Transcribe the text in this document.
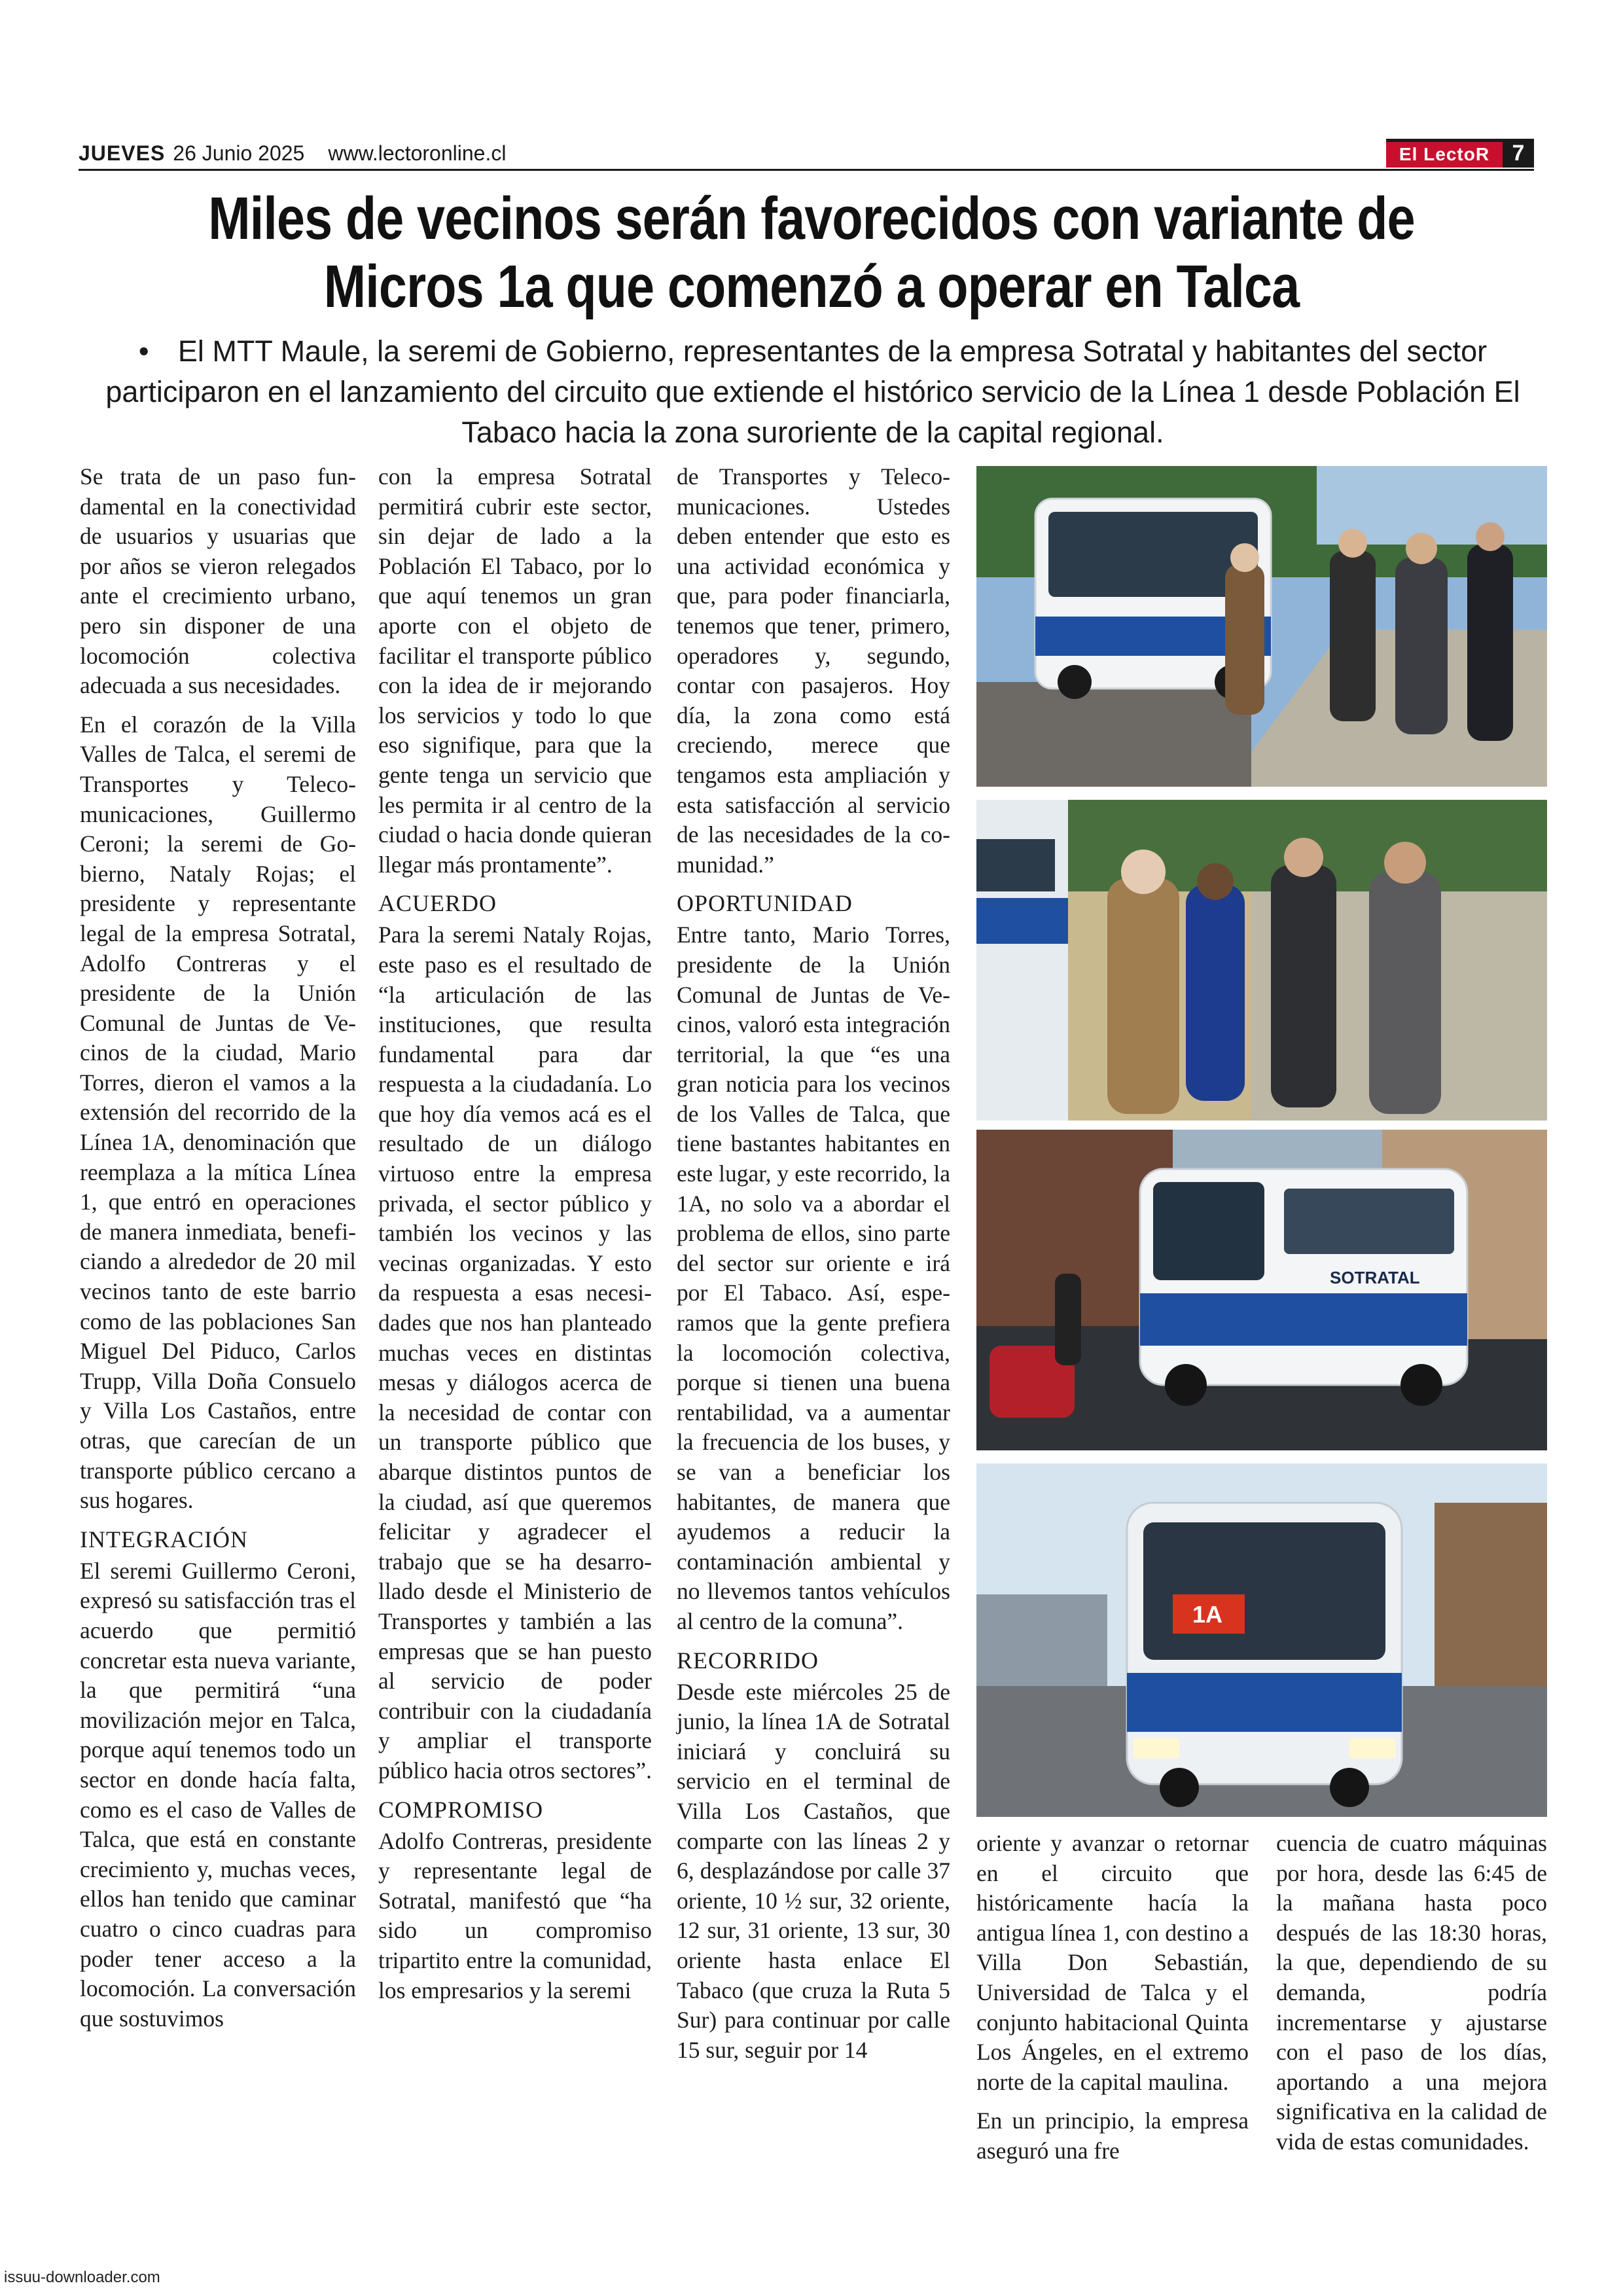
JUEVES 26 Junio 2025 www.lectoronline.cl	El LectoR	7
Miles de vecinos serán favorecidos con variante de
Micros 1a que comenzó a operar en Talca
• El MTT Maule, la seremi de Gobierno, representantes de la empresa Sotratal y habitantes del sector participaron en el lanzamiento del circuito que extiende el histórico servicio de la Línea 1 desde Población El Tabaco hacia la zona suroriente de la capital regional.

Se trata de un paso fundamental en la conectividad de usuarios y usuarias que por años se vieron relegados ante el crecimiento urbano, pero sin disponer de una locomoción colectiva adecuada a sus necesidades.

En el corazón de la Villa Valles de Talca, el seremi de Transportes y Telecomunicaciones, Guillermo Ceroni; la seremi de Gobierno, Nataly Rojas; el presidente y representante legal de la empresa Sotratal, Adolfo Contreras y el presidente de la Unión Comunal de Juntas de Vecinos de la ciudad, Mario Torres, dieron el vamos a la extensión del recorrido de la Línea 1A, denominación que reemplaza a la mítica Línea 1, que entró en operaciones de manera inmediata, beneficiando a alrededor de 20 mil vecinos tanto de este barrio como de las poblaciones San Miguel Del Piduco, Carlos Trupp, Villa Doña Consuelo y Villa Los Castaños, entre otras, que carecían de un transporte público cercano a sus hogares.

INTEGRACIÓN

El seremi Guillermo Ceroni, expresó su satisfacción tras el acuerdo que permitió concretar esta nueva variante, la que permitirá “una movilización mejor en Talca, porque aquí tenemos todo un sector en donde hacía falta, como es el caso de Valles de Talca, que está en constante crecimiento y, muchas veces, ellos han tenido que caminar cuatro o cinco cuadras para poder tener acceso a la locomoción. La conversación que sostuvimos

con la empresa Sotratal permitirá cubrir este sector, sin dejar de lado a la Población El Tabaco, por lo que aquí tenemos un gran aporte con el objeto de facilitar el transporte público con la idea de ir mejorando los servicios y todo lo que eso signifique, para que la gente tenga un servicio que les permita ir al centro de la ciudad o hacia donde quieran llegar más prontamente”.

ACUERDO

Para la seremi Nataly Rojas, este paso es el resultado de “la articulación de las instituciones, que resulta fundamental para dar respuesta a la ciudadanía. Lo que hoy día vemos acá es el resultado de un diálogo virtuoso entre la empresa privada, el sector público y también los vecinos y las vecinas organizadas. Y esto da respuesta a esas necesidades que nos han planteado muchas veces en distintas mesas y diálogos acerca de la necesidad de contar con un transporte público que abarque distintos puntos de la ciudad, así que queremos felicitar y agradecer el trabajo que se ha desarrollado desde el Ministerio de Transportes y también a las empresas que se han puesto al servicio de poder contribuir con la ciudadanía y ampliar el transporte público hacia otros sectores”.

COMPROMISO

Adolfo Contreras, presidente y representante legal de Sotratal, manifestó que “ha sido un compromiso tripartito entre la comunidad, los empresarios y la seremi

de Transportes y Telecomunicaciones. Ustedes deben entender que esto es una actividad económica y que, para poder financiarla, tenemos que tener, primero, operadores y, segundo, contar con pasajeros. Hoy día, la zona como está creciendo, merece que tengamos esta ampliación y esta satisfacción al servicio de las necesidades de la comunidad.”

OPORTUNIDAD

Entre tanto, Mario Torres, presidente de la Unión Comunal de Juntas de Vecinos, valoró esta integración territorial, la que “es una gran noticia para los vecinos de los Valles de Talca, que tiene bastantes habitantes en este lugar, y este recorrido, la 1A, no solo va a abordar el problema de ellos, sino parte del sector sur oriente e irá por El Tabaco. Así, esperamos que la gente prefiera la locomoción colectiva, porque si tienen una buena rentabilidad, va a aumentar la frecuencia de los buses, y se van a beneficiar los habitantes, de manera que ayudemos a reducir la contaminación ambiental y no llevemos tantos vehículos al centro de la comuna”.

RECORRIDO

Desde este miércoles 25 de junio, la línea 1A de Sotratal iniciará y concluirá su servicio en el terminal de Villa Los Castaños, que comparte con las líneas 2 y 6, desplazándose por calle 37 oriente, 10 ½ sur, 32 oriente, 12 sur, 31 oriente, 13 sur, 30 oriente hasta enlace El Tabaco (que cruza la Ruta 5 Sur) para continuar por calle 15 sur, seguir por 14

SOTRATAL
1A

oriente y avanzar o retornar en el circuito que históricamente hacía la antigua línea 1, con destino a Villa Don Sebastián, Universidad de Talca y el conjunto habitacional Quinta Los Ángeles, en el extremo norte de la capital maulina.

En un principio, la empresa aseguró una fre

cuencia de cuatro máquinas por hora, desde las 6:45 de la mañana hasta poco después de las 18:30 horas, la que, dependiendo de su demanda, podría incrementarse y ajustarse con el paso de los días, aportando a una mejora significativa en la calidad de vida de estas comunidades.

issuu-downloader.com
